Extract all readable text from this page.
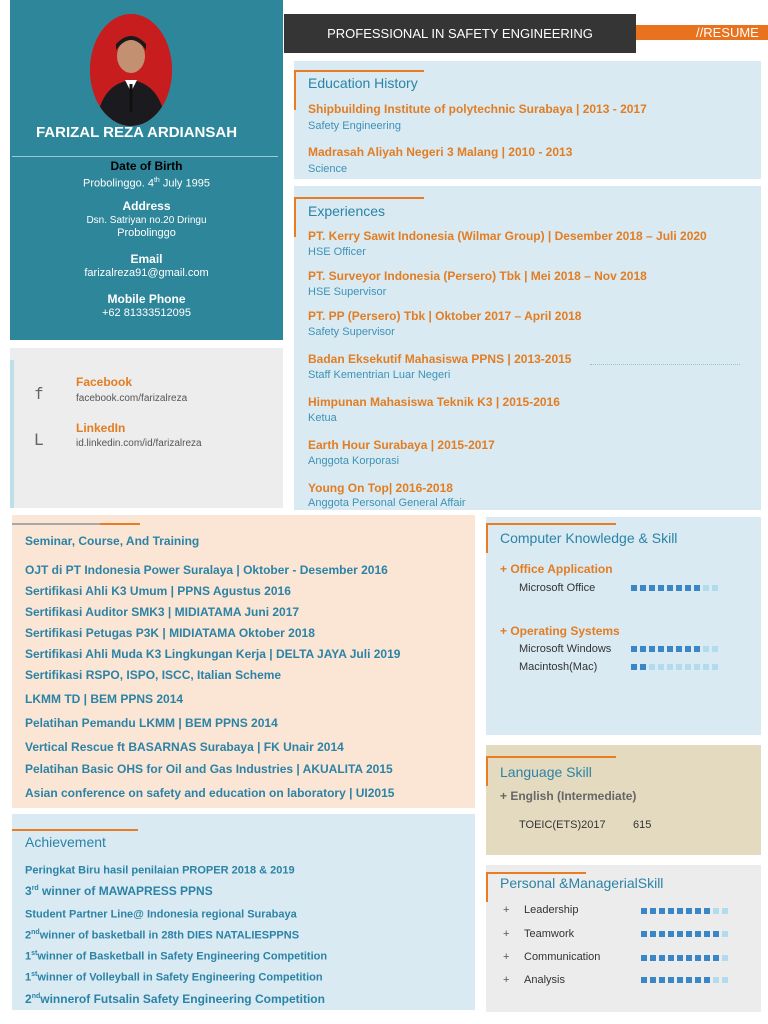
FARIZAL REZA ARDIANSAH
Date of Birth
Probolinggo. 4th July 1995
Address
Dsn. Satriyan no.20 Dringu
Probolinggo
Email
farizalreza91@gmail.com
Mobile Phone
+62 81333512095
PROFESSIONAL IN SAFETY ENGINEERING	//RESUME
Education History
Shipbuilding Institute of polytechnic Surabaya | 2013 - 2017
Safety Engineering
Madrasah Aliyah Negeri 3 Malang | 2010 - 2013
Science
Experiences
PT. Kerry Sawit Indonesia (Wilmar Group) | Desember 2018 – Juli 2020
HSE Officer
PT. Surveyor Indonesia (Persero) Tbk | Mei 2018 – Nov 2018
HSE Supervisor
PT. PP (Persero) Tbk | Oktober 2017 – April 2018
Safety Supervisor
Badan Eksekutif Mahasiswa PPNS | 2013-2015
Staff Kementrian Luar Negeri
Himpunan Mahasiswa Teknik K3 | 2015-2016
Ketua
Earth Hour Surabaya | 2015-2017
Anggota Korporasi
Young On Top| 2016-2018
Anggota Personal General Affair
f
Facebook
facebook.com/farizalreza
L
LinkedIn
id.linkedin.com/id/farizalreza
Seminar, Course, And Training
OJT di PT Indonesia Power Suralaya | Oktober - Desember 2016
Sertifikasi Ahli K3 Umum | PPNS Agustus 2016
Sertifikasi Auditor SMK3 | MIDIATAMA Juni 2017
Sertifikasi Petugas P3K | MIDIATAMA Oktober 2018
Sertifikasi Ahli Muda K3 Lingkungan Kerja | DELTA JAYA Juli 2019
Sertifikasi RSPO, ISPO, ISCC, Italian Scheme
LKMM TD | BEM PPNS 2014
Pelatihan Pemandu LKMM | BEM PPNS 2014
Vertical Rescue ft BASARNAS Surabaya | FK Unair 2014
Pelatihan Basic OHS for Oil and Gas Industries | AKUALITA 2015
Asian conference on safety and education on laboratory | UI2015
Achievement
Peringkat Biru hasil penilaian PROPER 2018 & 2019
3rd winner of MAWAPRESS PPNS
Student Partner Line@ Indonesia regional Surabaya
2ndwinner of basketball in 28th DIES NATALIESPPNS
1stwinner of Basketball in Safety Engineering Competition
1stwinner of Volleyball in Safety Engineering Competition
2ndwinnerof Futsalin Safety Engineering Competition
Computer Knowledge & Skill
+ Office Application
Microsoft Office
+ Operating Systems
Microsoft Windows
Macintosh(Mac)
Language Skill
+ English (Intermediate)
TOEIC(ETS)2017 615
Personal &ManagerialSkill
+ Leadership
+ Teamwork
+ Communication
+ Analysis
